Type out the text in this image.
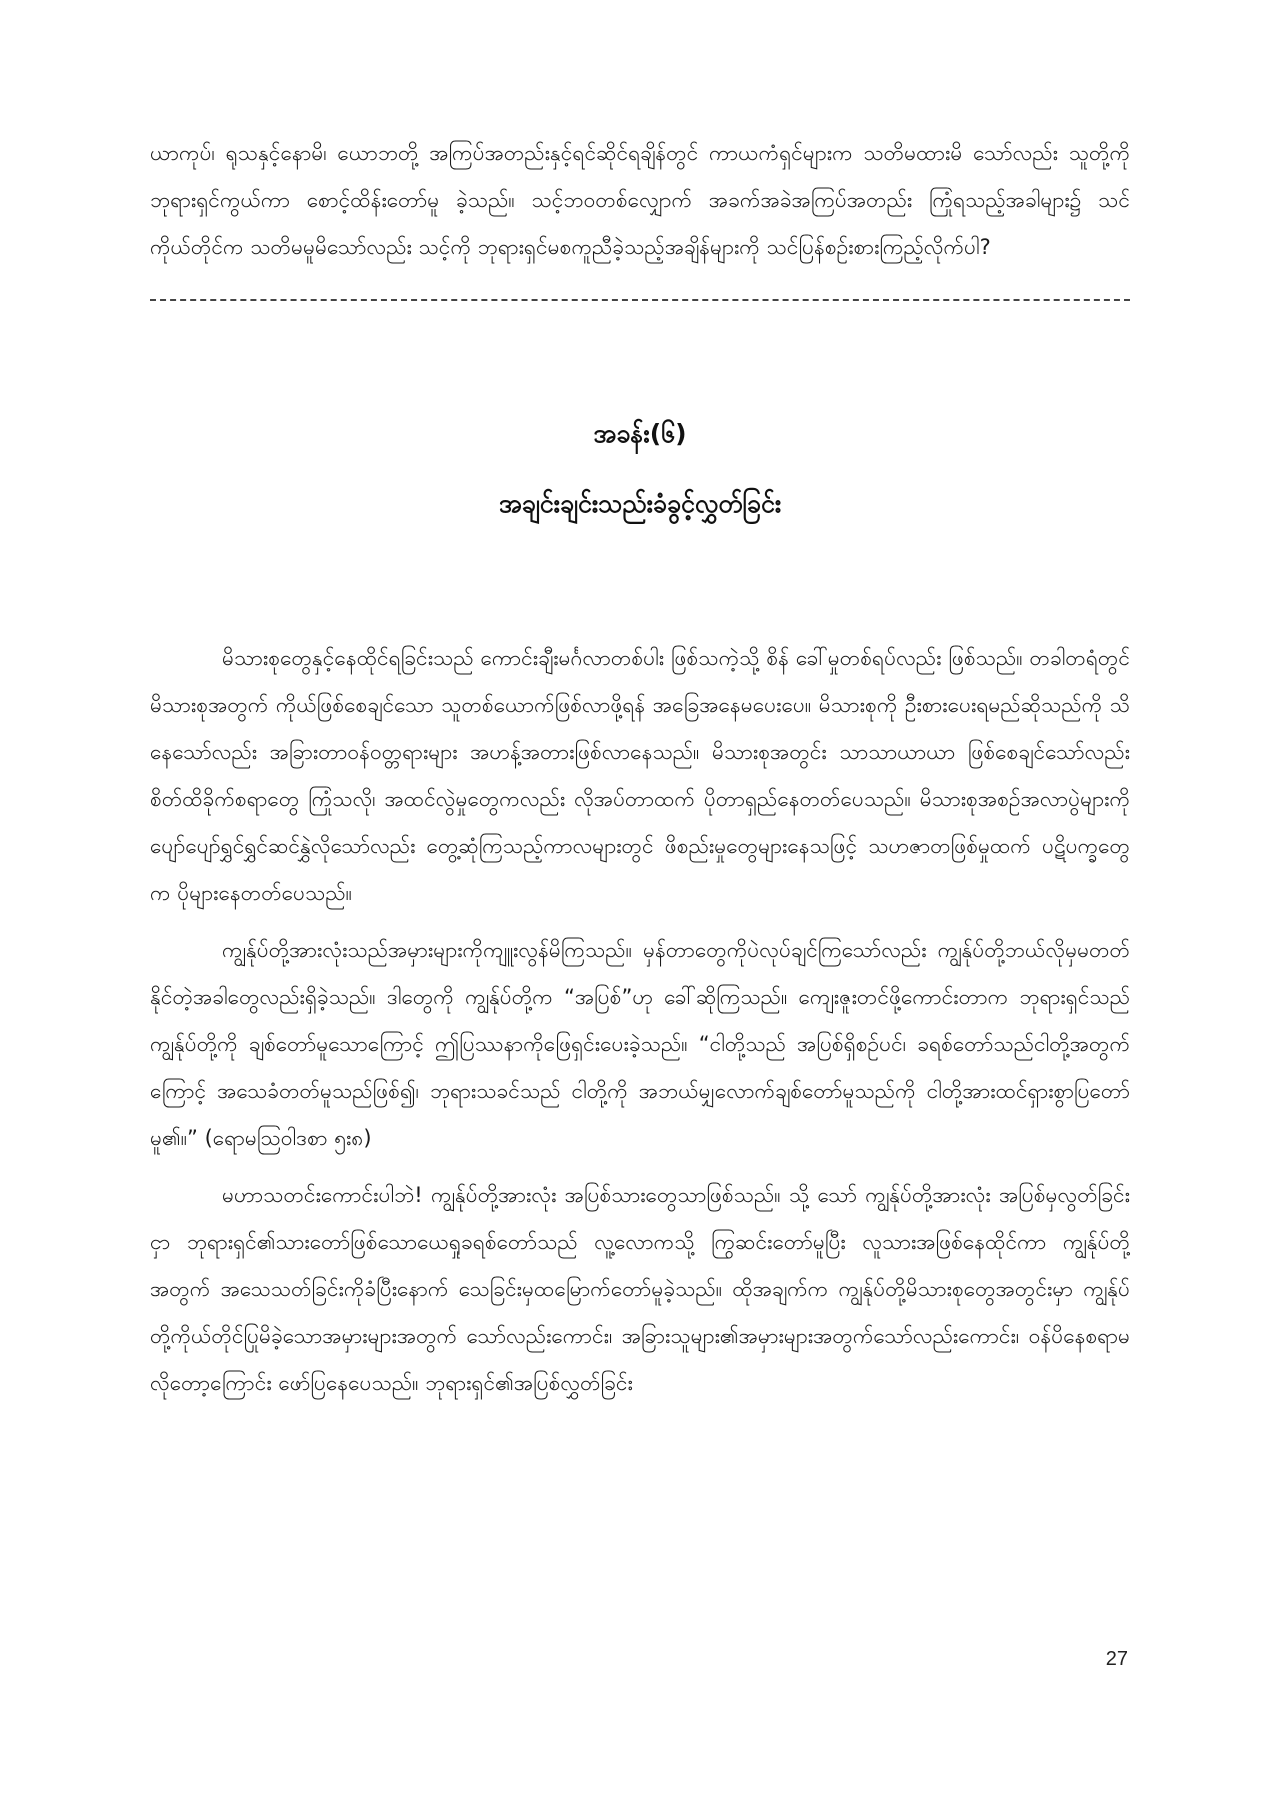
ယာကုပ်၊ ရုသနှင့်နောမိ၊ ယောဘတို့ အကြပ်အတည်းနှင့်ရင်ဆိုင်ရချိန်တွင် ကာယကံရှင်များက သတိမထားမိ သော်လည်း သူတို့ကိုဘုရားရှင်ကွယ်ကာ စောင့်ထိန်းတော်မူ ခဲ့သည်။ သင့်ဘဝတစ်လျှောက် အခက်အခဲအကြပ်အတည်း ကြုံရသည့်အခါများ၌ သင်ကိုယ်တိုင်က သတိမမူမိသော်လည်း သင့်ကို ဘုရားရှင်မစကူညီခဲ့သည့်အချိန်များကို သင်ပြန်စဉ်းစားကြည့်လိုက်ပါ?

အခန်း(၆)

အချင်းချင်းသည်းခံခွင့်လွှတ်ခြင်း

မိသားစုတွေနှင့်နေထိုင်ရခြင်းသည် ကောင်းချီးမင်္ဂလာတစ်ပါး ဖြစ်သကဲ့သို့ စိန် ခေါ်မှုတစ်ရပ်လည်း ဖြစ်သည်။ တခါတရံတွင် မိသားစုအတွက် ကိုယ်ဖြစ်စေချင်သော သူတစ်ယောက်ဖြစ်လာဖို့ရန် အခြေအနေမပေးပေ။ မိသားစုကို ဦးစားပေးရမည်ဆိုသည်ကို သိနေသော်လည်း အခြားတာဝန်ဝတ္တရားများ အဟန့်အတားဖြစ်လာနေသည်။ မိသားစုအတွင်း သာသာယာယာ ဖြစ်စေချင်သော်လည်း စိတ်ထိခိုက်စရာတွေ ကြုံသလို၊ အထင်လွဲမှုတွေကလည်း လိုအပ်တာထက် ပိုတာရှည်နေတတ်ပေသည်။ မိသားစုအစဉ်အလာပွဲများကို ပျော်ပျော်ရွှင်ရွှင်ဆင်နွှဲလိုသော်လည်း တွေ့ဆုံကြသည့်ကာလများတွင် ဖိစည်းမှုတွေများနေသဖြင့် သဟဇာတဖြစ်မှုထက် ပဋိပက္ခတွေက ပိုများနေတတ်ပေသည်။

ကျွန်ုပ်တို့အားလုံးသည်အမှားများကိုကျူးလွန်မိကြသည်။ မှန်တာတွေကိုပဲလုပ်ချင်ကြသော်လည်း ကျွန်ုပ်တို့ဘယ်လိုမှမတတ်နိုင်တဲ့အခါတွေလည်းရှိခဲ့သည်။ ဒါတွေကို ကျွန်ုပ်တို့က “အပြစ်”ဟု ခေါ်ဆိုကြသည်။ ကျေးဇူးတင်ဖို့ကောင်းတာက ဘုရားရှင်သည် ကျွန်ုပ်တို့ကို ချစ်တော်မူသောကြောင့် ဤပြဿနာကိုဖြေရှင်းပေးခဲ့သည်။ “ငါတို့သည် အပြစ်ရှိစဉ်ပင်၊ ခရစ်တော်သည်ငါတို့အတွက်ကြောင့် အသေခံတတ်မူသည်ဖြစ်၍၊ ဘုရားသခင်သည် ငါတို့ကို အဘယ်မျှလောက်ချစ်တော်မူသည်ကို ငါတို့အားထင်ရှားစွာပြတော်မူ၏။” (ရောမသြဝါဒစာ ၅း၈)

မဟာသတင်းကောင်းပါဘဲ! ကျွန်ုပ်တို့အားလုံး အပြစ်သားတွေသာဖြစ်သည်။ သို့ သော် ကျွန်ုပ်တို့အားလုံး အပြစ်မှလွတ်ခြင်းငှာ ဘုရားရှင်၏သားတော်ဖြစ်သောယေရှုခရစ်တော်သည် လူ့လောကသို့ ကြွဆင်းတော်မူပြီး လူသားအဖြစ်နေထိုင်ကာ ကျွန်ုပ်တို့အတွက် အသေသတ်ခြင်းကိုခံပြီးနောက် သေခြင်းမှထမြောက်တော်မူခဲ့သည်။ ထိုအချက်က ကျွန်ုပ်တို့မိသားစုတွေအတွင်းမှာ ကျွန်ုပ်တို့ကိုယ်တိုင်ပြုမိခဲ့သောအမှားများအတွက် သော်လည်းကောင်း၊ အခြားသူများ၏အမှားများအတွက်သော်လည်းကောင်း၊ ဝန်ပိနေစရာမလိုတော့ကြောင်း ဖော်ပြနေပေသည်။ ဘုရားရှင်၏အပြစ်လွှတ်ခြင်း

27
